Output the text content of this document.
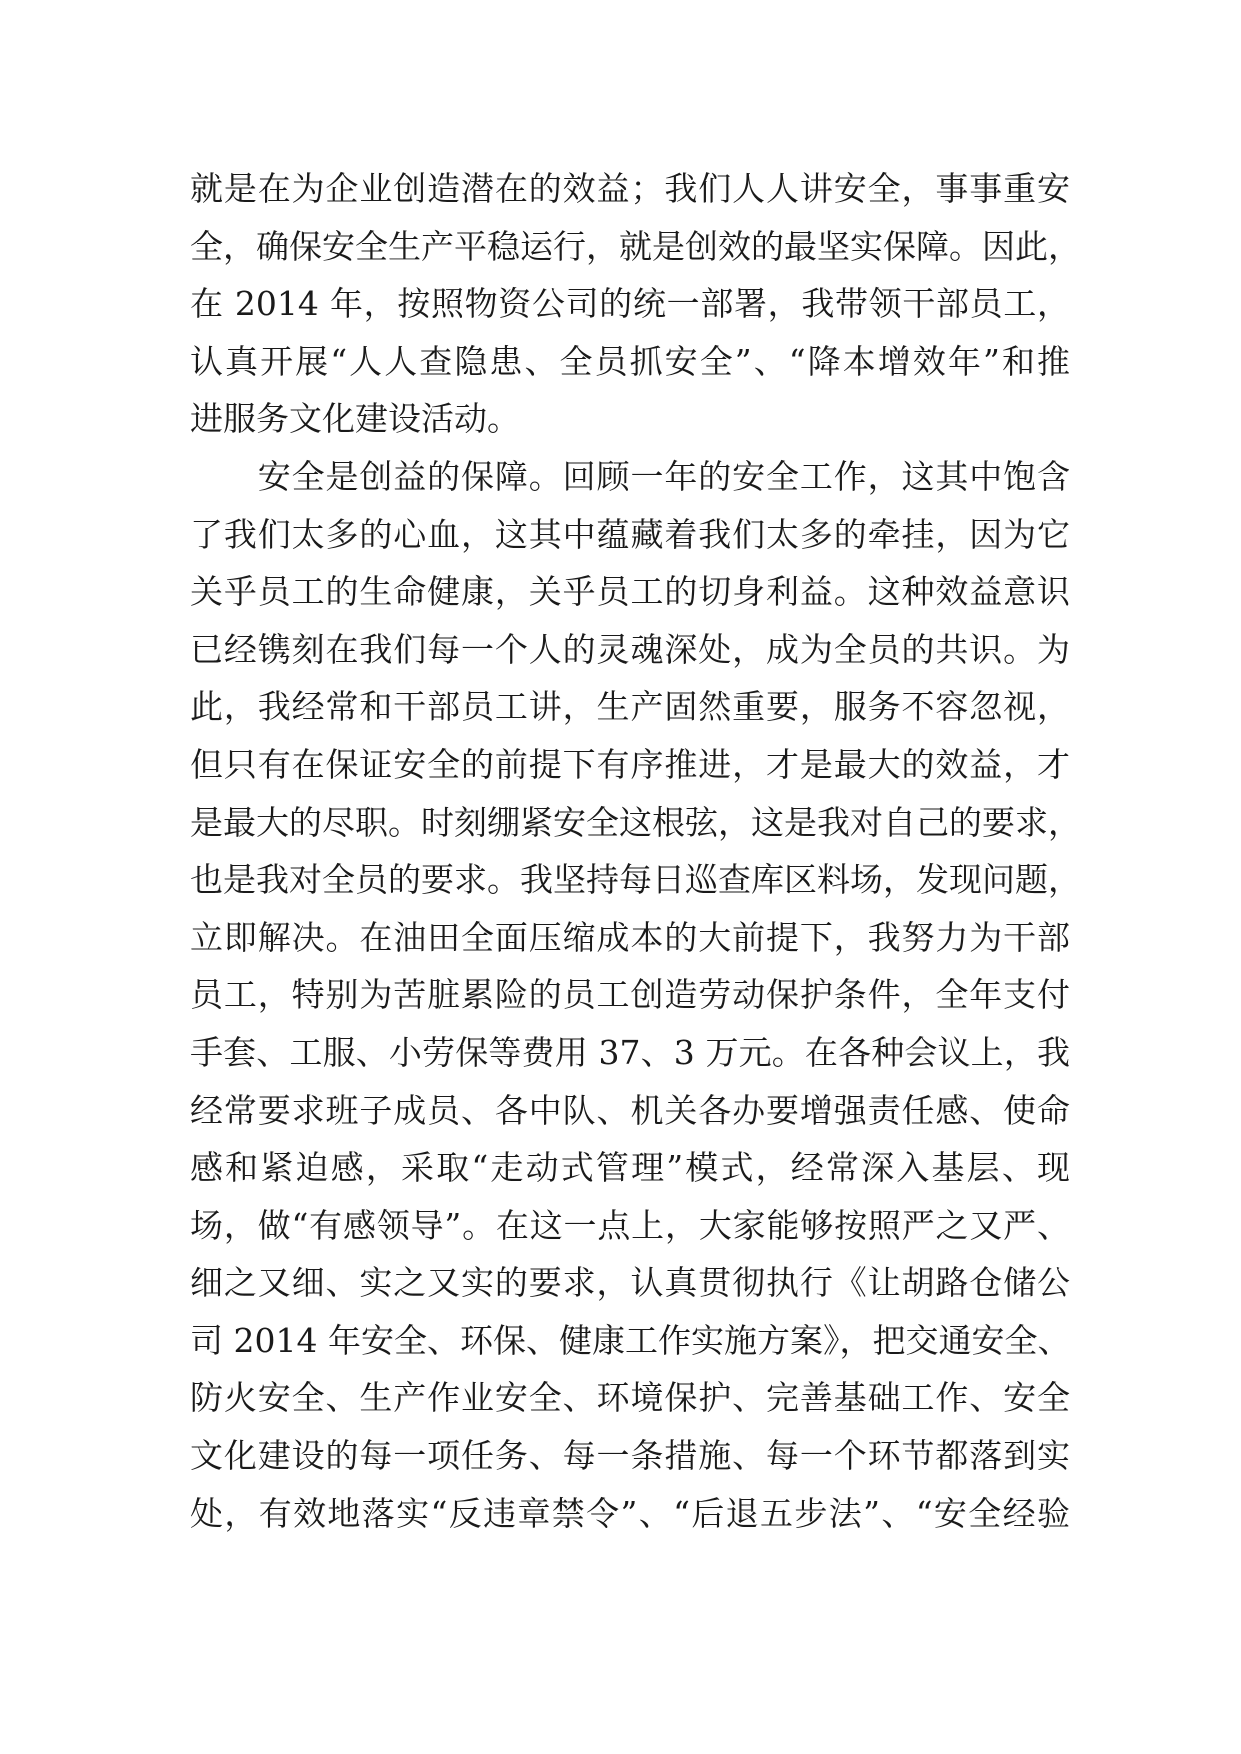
就是在为企业创造潜在的效益；我们人人讲安全，事事重安
全，确保安全生产平稳运行，就是创效的最坚实保障。因此，
在 2014 年，按照物资公司的统一部署，我带领干部员工，
认真开展“人人查隐患、全员抓安全”、“降本增效年”和推
进服务文化建设活动。
　　安全是创益的保障。回顾一年的安全工作，这其中饱含
了我们太多的心血，这其中蕴藏着我们太多的牵挂，因为它
关乎员工的生命健康，关乎员工的切身利益。这种效益意识
已经镌刻在我们每一个人的灵魂深处，成为全员的共识。为
此，我经常和干部员工讲，生产固然重要，服务不容忽视，
但只有在保证安全的前提下有序推进，才是最大的效益，才
是最大的尽职。时刻绷紧安全这根弦，这是我对自己的要求，
也是我对全员的要求。我坚持每日巡查库区料场，发现问题，
立即解决。在油田全面压缩成本的大前提下，我努力为干部
员工，特别为苦脏累险的员工创造劳动保护条件，全年支付
手套、工服、小劳保等费用 37、3 万元。在各种会议上，我
经常要求班子成员、各中队、机关各办要增强责任感、使命
感和紧迫感，采取“走动式管理”模式，经常深入基层、现
场，做“有感领导”。在这一点上，大家能够按照严之又严、
细之又细、实之又实的要求，认真贯彻执行《让胡路仓储公
司 2014 年安全、环保、健康工作实施方案》，把交通安全、
防火安全、生产作业安全、环境保护、完善基础工作、安全
文化建设的每一项任务、每一条措施、每一个环节都落到实
处，有效地落实“反违章禁令”、“后退五步法”、“安全经验
